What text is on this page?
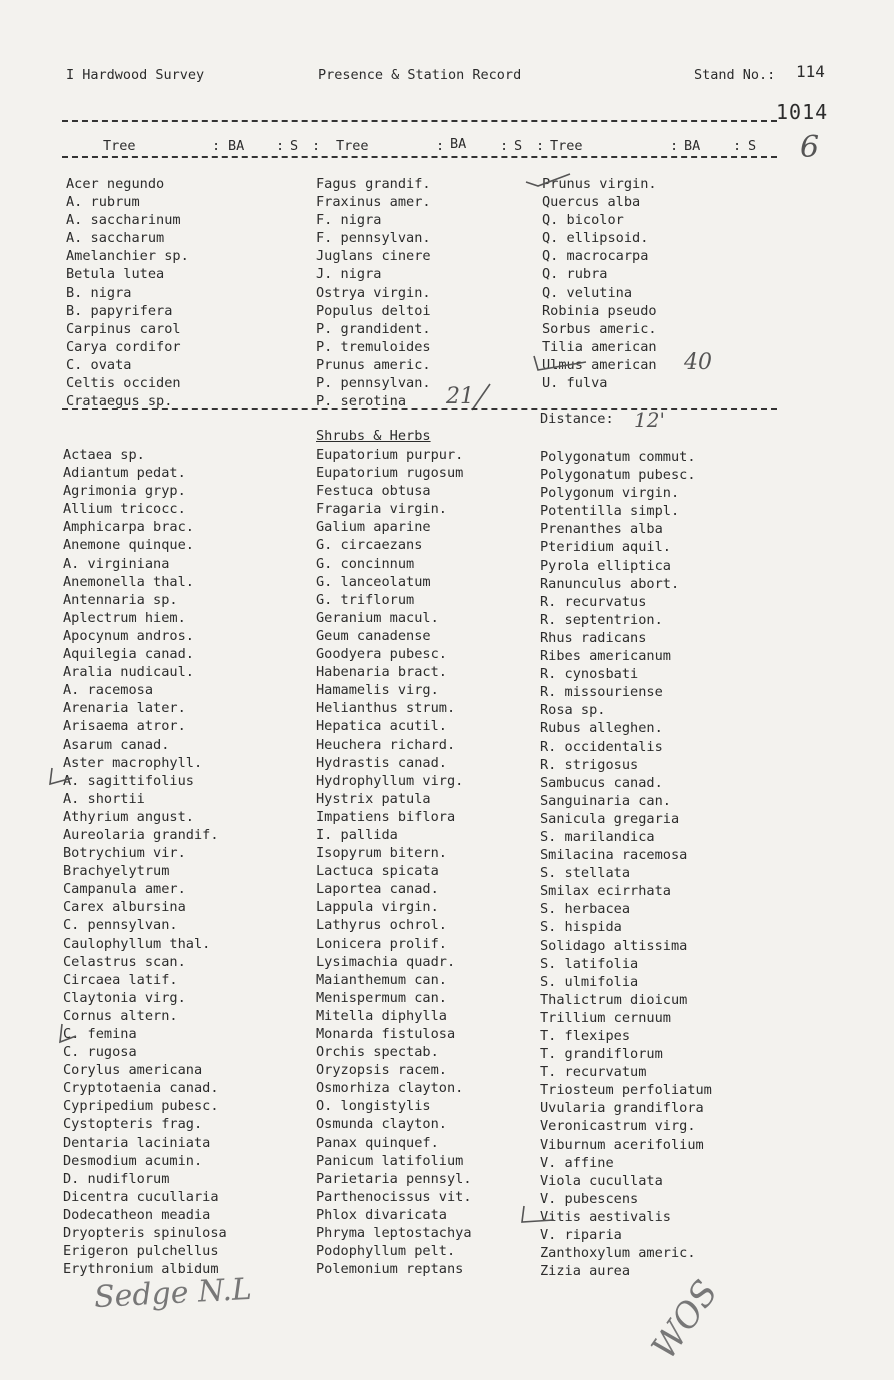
I Hardwood Survey	Presence & Station Record	Stand No.: 114
1014
6
Tree	: BA : S : Tree	: BA : S : Tree	: BA : S
Acer negundo
A. rubrum
A. saccharinum
A. saccharum
Amelanchier sp.
Betula lutea
B. nigra
B. papyrifera
Carpinus carol
Carya cordifor
C. ovata
Celtis occiden
Crataegus sp.
Fagus grandif.
Fraxinus amer.
F. nigra
F. pennsylvan.
Juglans cinere
J. nigra
Ostrya virgin.
Populus deltoi
P. grandident.
P. tremuloides
Prunus americ.
P. pennsylvan.
P. serotina
Prunus virgin.
Quercus alba
Q. bicolor
Q. ellipsoid.
Q. macrocarpa
Q. rubra
Q. velutina
Robinia pseudo
Sorbus americ.
Tilia american
Ulmus american
U. fulva
40
21
Distance: 12'
Shrubs & Herbs
Actaea sp.
Adiantum pedat.
Agrimonia gryp.
Allium tricocc.
Amphicarpa brac.
Anemone quinque.
A. virginiana
Anemonella thal.
Antennaria sp.
Aplectrum hiem.
Apocynum andros.
Aquilegia canad.
Aralia nudicaul.
A. racemosa
Arenaria later.
Arisaema atror.
Asarum canad.
Aster macrophyll.
A. sagittifolius
A. shortii
Athyrium angust.
Aureolaria grandif.
Botrychium vir.
Brachyelytrum
Campanula amer.
Carex albursina
C. pennsylvan.
Caulophyllum thal.
Celastrus scan.
Circaea latif.
Claytonia virg.
Cornus altern.
C. femina
C. rugosa
Corylus americana
Cryptotaenia canad.
Cypripedium pubesc.
Cystopteris frag.
Dentaria laciniata
Desmodium acumin.
D. nudiflorum
Dicentra cucullaria
Dodecatheon meadia
Dryopteris spinulosa
Erigeron pulchellus
Erythronium albidum
Eupatorium purpur.
Eupatorium rugosum
Festuca obtusa
Fragaria virgin.
Galium aparine
G. circaezans
G. concinnum
G. lanceolatum
G. triflorum
Geranium macul.
Geum canadense
Goodyera pubesc.
Habenaria bract.
Hamamelis virg.
Helianthus strum.
Hepatica acutil.
Heuchera richard.
Hydrastis canad.
Hydrophyllum virg.
Hystrix patula
Impatiens biflora
I. pallida
Isopyrum bitern.
Lactuca spicata
Laportea canad.
Lappula virgin.
Lathyrus ochrol.
Lonicera prolif.
Lysimachia quadr.
Maianthemum can.
Menispermum can.
Mitella diphylla
Monarda fistulosa
Orchis spectab.
Oryzopsis racem.
Osmorhiza clayton.
O. longistylis
Osmunda clayton.
Panax quinquef.
Panicum latifolium
Parietaria pennsyl.
Parthenocissus vit.
Phlox divaricata
Phryma leptostachya
Podophyllum pelt.
Polemonium reptans
Polygonatum commut.
Polygonatum pubesc.
Polygonum virgin.
Potentilla simpl.
Prenanthes alba
Pteridium aquil.
Pyrola elliptica
Ranunculus abort.
R. recurvatus
R. septentrion.
Rhus radicans
Ribes americanum
R. cynosbati
R. missouriense
Rosa sp.
Rubus alleghen.
R. occidentalis
R. strigosus
Sambucus canad.
Sanguinaria can.
Sanicula gregaria
S. marilandica
Smilacina racemosa
S. stellata
Smilax ecirrhata
S. herbacea
S. hispida
Solidago altissima
S. latifolia
S. ulmifolia
Thalictrum dioicum
Trillium cernuum
T. flexipes
T. grandiflorum
T. recurvatum
Triosteum perfoliatum
Uvularia grandiflora
Veronicastrum virg.
Viburnum acerifolium
V. affine
Viola cucullata
V. pubescens
Vitis aestivalis
V. riparia
Zanthoxylum americ.
Zizia aurea
Sedge N.L	WOS
